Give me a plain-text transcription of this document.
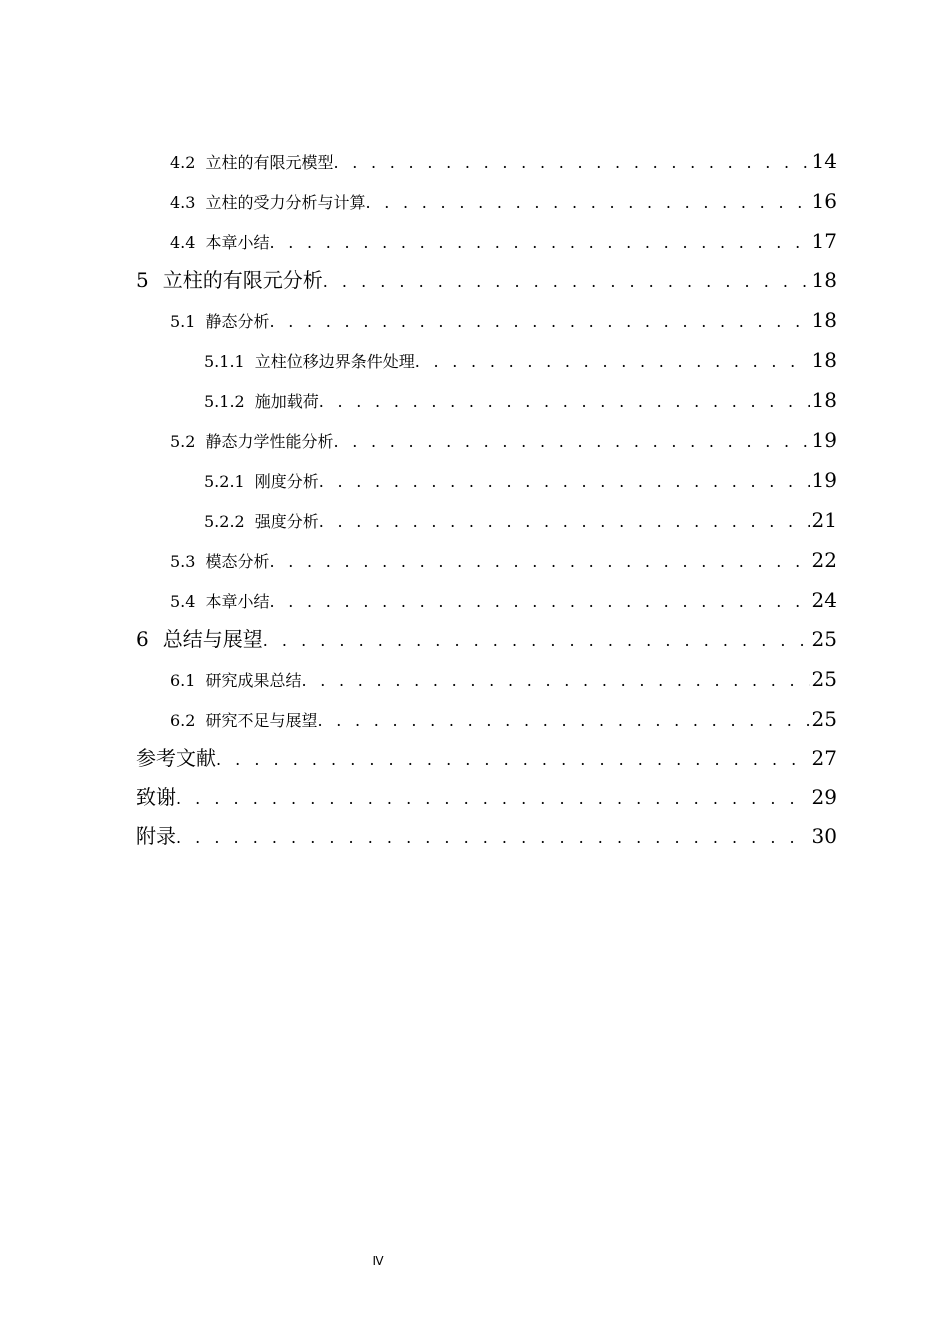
4.2 立柱的有限元模型 . . .	14
4.3 立柱的受力分析与计算 . . .	16
4.4 本章小结 . . .	17
5 立柱的有限元分析 . . .	18
5.1 静态分析 . . .	18
5.1.1 立柱位移边界条件处理 . . .	18
5.1.2 施加载荷 . . .	18
5.2 静态力学性能分析 . . .	19
5.2.1 刚度分析 . . .	19
5.2.2 强度分析 . . .	21
5.3 模态分析 . . .	22
5.4 本章小结 . . .	24
6 总结与展望 . . .	25
6.1 研究成果总结 . . .	25
6.2 研究不足与展望 . . .	25
参考文献 . . .	27
致谢 . . .	29
附录 . . .	30
Ⅳ
